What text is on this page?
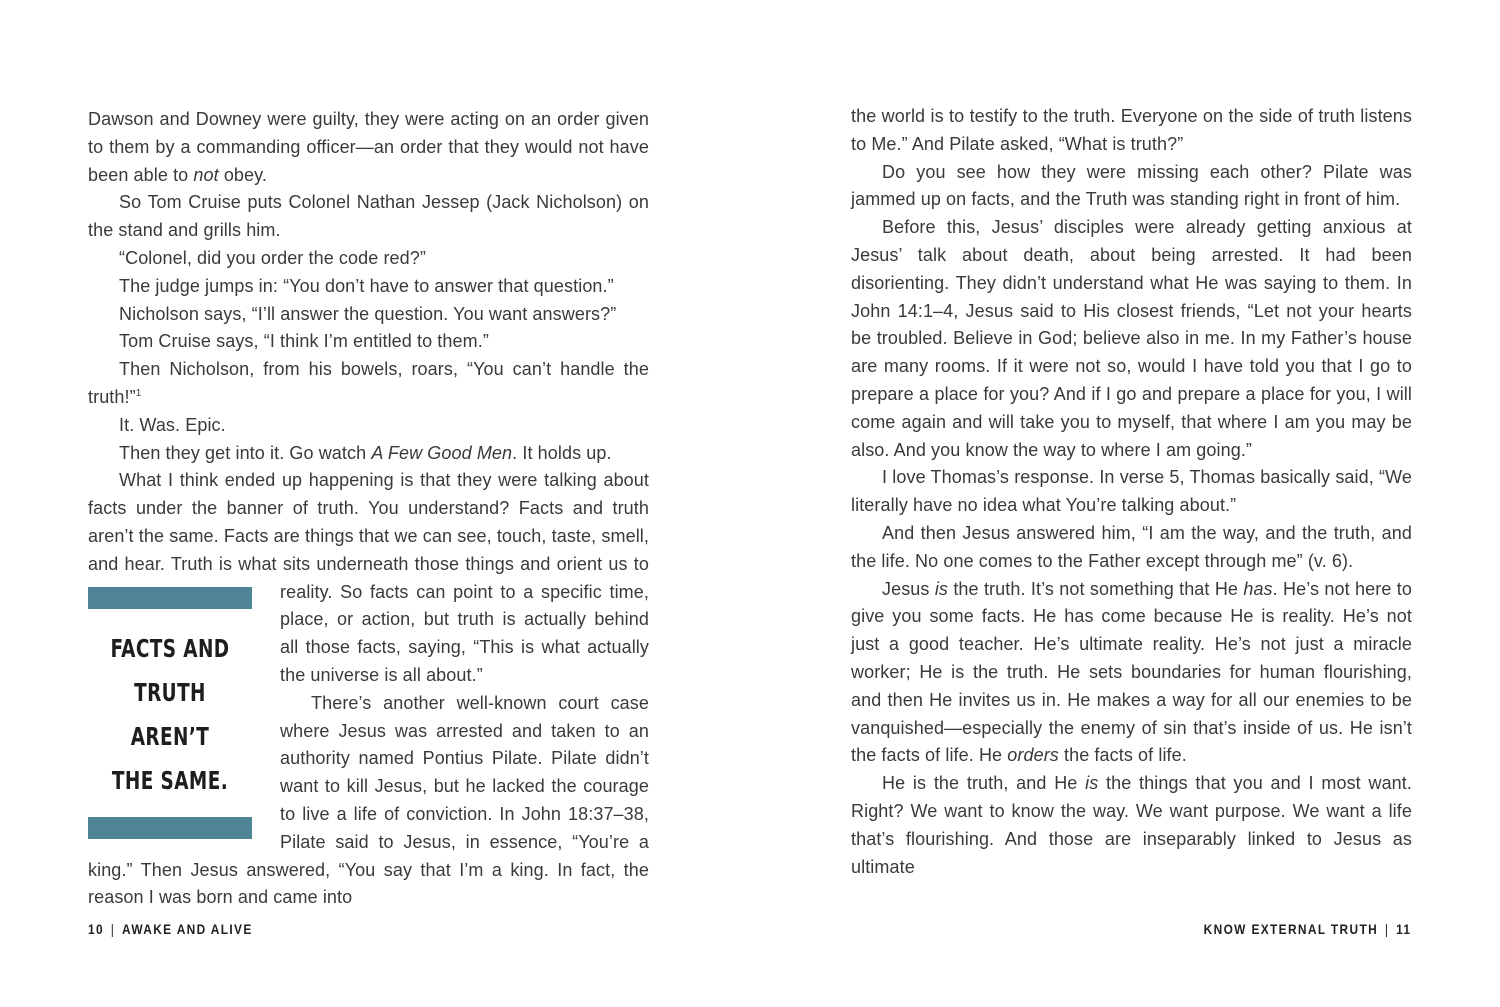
Dawson and Downey were guilty, they were acting on an order given to them by a commanding officer—an order that they would not have been able to not obey.

So Tom Cruise puts Colonel Nathan Jessep (Jack Nicholson) on the stand and grills him.

“Colonel, did you order the code red?”

The judge jumps in: “You don’t have to answer that question.”

Nicholson says, “I’ll answer the question. You want answers?”

Tom Cruise says, “I think I’m entitled to them.”

Then Nicholson, from his bowels, roars, “You can’t handle the truth!”$^1$

It. Was. Epic.

Then they get into it. Go watch A Few Good Men. It holds up.

What I think ended up happening is that they were talking about facts under the banner of truth. You understand? Facts and truth aren’t the same. Facts are things that we can see, touch, taste, smell, and hear. Truth is what sits underneath those things and orient us to

FACTS AND
TRUTH AREN’T
THE SAME.

reality. So facts can point to a specific time, place, or action, but truth is actually behind all those facts, saying, “This is what actually the universe is all about.”

There’s another well-known court case where Jesus was arrested and taken to an authority named Pontius Pilate. Pilate didn’t want to kill Jesus, but he lacked the courage to live a life of conviction. In John 18:37–38, Pilate said to Jesus, in essence, “You’re a king.” Then Jesus answered, “You say that I’m a king. In fact, the reason I was born and came into

10 | AWAKE AND ALIVE

the world is to testify to the truth. Everyone on the side of truth listens to Me.” And Pilate asked, “What is truth?”

Do you see how they were missing each other? Pilate was jammed up on facts, and the Truth was standing right in front of him.

Before this, Jesus’ disciples were already getting anxious at Jesus’ talk about death, about being arrested. It had been disorienting. They didn’t understand what He was saying to them. In John 14:1–4, Jesus said to His closest friends, “Let not your hearts be troubled. Believe in God; believe also in me. In my Father’s house are many rooms. If it were not so, would I have told you that I go to prepare a place for you? And if I go and prepare a place for you, I will come again and will take you to myself, that where I am you may be also. And you know the way to where I am going.”

I love Thomas’s response. In verse 5, Thomas basically said, “We literally have no idea what You’re talking about.”

And then Jesus answered him, “I am the way, and the truth, and the life. No one comes to the Father except through me” (v. 6).

Jesus is the truth. It’s not something that He has. He’s not here to give you some facts. He has come because He is reality. He’s not just a good teacher. He’s ultimate reality. He’s not just a miracle worker; He is the truth. He sets boundaries for human flourishing, and then He invites us in. He makes a way for all our enemies to be vanquished—especially the enemy of sin that’s inside of us. He isn’t the facts of life. He orders the facts of life.

He is the truth, and He is the things that you and I most want. Right? We want to know the way. We want purpose. We want a life that’s flourishing. And those are inseparably linked to Jesus as ultimate

KNOW EXTERNAL TRUTH | 11
